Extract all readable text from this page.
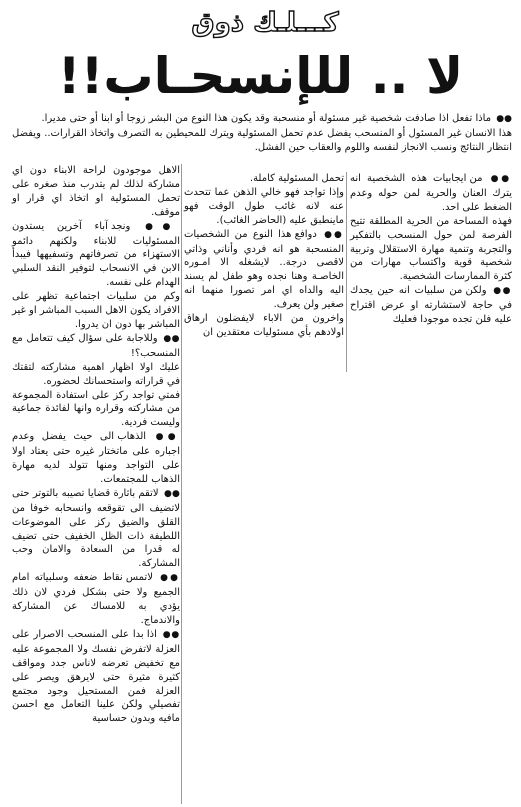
كـــلـك ذوق
لا .. للإنسحـاب!!

●● ماذا تفعل اذا صادفت شخصية غير مسئولة أو منسحبة وقد يكون هذا النوع من البشر زوجا أو ابنا أو حتى مديرا.

هذا الانسان غير المسئول أو المنسحب يفضل عدم تحمل المسئولية ويترك للمحيطين به التصرف واتخاذ القرارات.. ويفضل انتظار النتائج ونسب الانجاز لنفسه واللوم والعقاب حين الفشل.

●● من ايجابيات هذه الشخصية انه يترك العنان والحرية لمن حوله وعدم الضغط على احد.

فهذه المساحة من الحرية المطلقة تتيح الفرصة لمن حول المنسحب بالتفكير والتجربة وتنمية مهارة الاستقلال وتربية شخصية قوية واكتساب مهارات من كثرة الممارسات الشخصية.

●● ولكن من سلبيات انه حين يجدك في حاجة لاستشارته او عرض اقتراح عليه فلن تجده موجودا فعليك

تحمل المسئولية كاملة.

وإذا تواجد فهو خالي الذهن عما تتحدث عنه لانه غائب طول الوقت فهو ماينطبق عليه (الحاضر الغائب).

●● دوافع هذا النوع من الشخصيات المنسحبة هو انه فردي وأناني وذاتي لاقصى درجة.. لايشغله الا امـوره الخاصـة وهنا نجده وهو طفل لم يسند اليه والداه اي امر تصورا منهما انه صغير ولن يعرف.

واخرون من الاباء لايفضلون ارهاق اولادهم بأي مسئوليات معتقدين ان

الاهل موجودون لراحة الابناء دون اي مشاركة لذلك لم يتدرب منذ صغره على تحمل المسئولية او اتخاذ اي قرار او موقف.

●● ونجد آباء آخرين يستدون المسئوليات للابناء ولكنهم دائمو الاستهزاء من تصرفاتهم وتسفيهها فيبدأ الابن في الانسحاب لتوفير النقد السلبي الهدام على نفسه.

وكم من سلبيات اجتماعية تظهر على الافراد يكون الاهل السبب المباشر او غير المباشر بها دون ان يدروا.

●● وللاجابة على سؤال كيف تتعامل مع المنسحب؟!

عليك اولا اظهار اهمية مشاركته لتقتك في قراراته واستحسانك لحضوره.

فمتي تواجد ركز على استفادة المجموعة من مشاركته وقراره وانها لفائدة جماعية وليست فردية.

●● الذهاب الى حيث يفضل وعدم اجباره على ماتختار غيره حتى يعتاد اولا على التواجد ومنها تتولد لديه مهارة الذهاب للمجتمعات.

●● لاتقم باثارة قضايا تصيبه بالتوتر حتى لاتضيف الى تقوقعه وانسحابه خوفا من القلق والضيق ركز على الموضوعات اللطيفة ذات الظل الخفيف حتى تضيف له قدرا من السعادة والامان وحب المشاركة.

●● لاتمس نقاط ضعفه وسلبياته امام الجميع ولا حتى بشكل فردي لان ذلك يؤدي به للامساك عن المشاركة والاندماج.

●● اذا بدا على المنسحب الاصرار على العزلة لاتفرض نفسك ولا المجموعة عليه مع تخفيض تعرضه لاناس جدد ومواقف كثيرة مثيرة حتى لايرهق ويصر على العزلة فمن المستحيل وجود مجتمع تفصيلي ولكن علينا التعامل مع احسن مافيه وبدون حساسية
